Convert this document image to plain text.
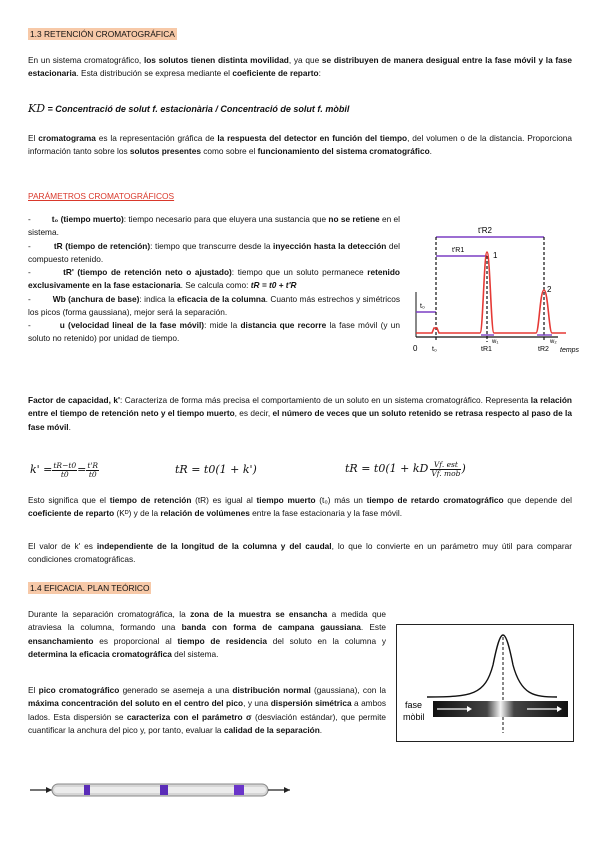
1.3 RETENCIÓN CROMATOGRÁFICA

En un sistema cromatográfico, los solutos tienen distinta movilidad, ya que se distribuyen de manera desigual entre la fase móvil y la fase estacionaria. Esta distribución se expresa mediante el coeficiente de reparto:

KD = Concentració de solut f. estacionària / Concentració de solut f. mòbil

El cromatograma es la representación gráfica de la respuesta del detector en función del tiempo, del volumen o de la distancia. Proporciona información tanto sobre los solutos presentes como sobre el funcionamiento del sistema cromatográfico.

PARÁMETROS CROMATOGRÁFICOS

-	t₀ (tiempo muerto): tiempo necesario para que eluyera una sustancia que no se retiene en el sistema.

-	tR (tiempo de retención): tiempo que transcurre desde la inyección hasta la detección del compuesto retenido.

-	tR' (tiempo de retención neto o ajustado): tiempo que un soluto permanece retenido exclusivamente en la fase estacionaria. Se calcula como: tR = t0 + t'R

-	Wb (anchura de base): indica la eficacia de la columna. Cuanto más estrechos y simétricos los picos (forma gaussiana), mejor será la separación.

-	u (velocidad lineal de la fase móvil): mide la distancia que recorre la fase móvil (y un soluto no retenido) por unidad de tiempo.

t'R2
t'R1
t₀
1
2
w₁	w₂
0 t₀	tR1	tR2 temps

Factor de capacidad, k': Caracteriza de forma más precisa el comportamiento de un soluto en un sistema cromatográfico. Representa la relación entre el tiempo de retención neto y el tiempo muerto, es decir, el número de veces que un soluto retenido se retrasa respecto al paso de la fase móvil.

$k' = \frac{tR-t0}{t0} = \frac{t'R}{t0}$	tR = t0(1 + k')	tR = t0(1 + kD $\frac{\text{Vf. est}}{\text{Vf. mob}}$ )

Esto significa que el tiempo de retención (tR) es igual al tiempo muerto (t₀) más un tiempo de retardo cromatográfico que depende del coeficiente de reparto (Kᴰ) y de la relación de volúmenes entre la fase estacionaria y la fase móvil.

El valor de k' es independiente de la longitud de la columna y del caudal, lo que lo convierte en un parámetro muy útil para comparar condiciones cromatográficas.

1.4 EFICACIA. PLAN TEÓRICO

Durante la separación cromatográfica, la zona de la muestra se ensancha a medida que atraviesa la columna, formando una banda con forma de campana gaussiana. Este ensanchamiento es proporcional al tiempo de residencia del soluto en la columna y determina la eficacia cromatográfica del sistema.

El pico cromatográfico generado se asemeja a una distribución normal (gaussiana), con la máxima concentración del soluto en el centro del pico, y una dispersión simétrica a ambos lados. Esta dispersión se caracteriza con el parámetro σ (desviación estándar), que permite cuantificar la anchura del pico y, por tanto, evaluar la calidad de la separación.

fase
mòbil
